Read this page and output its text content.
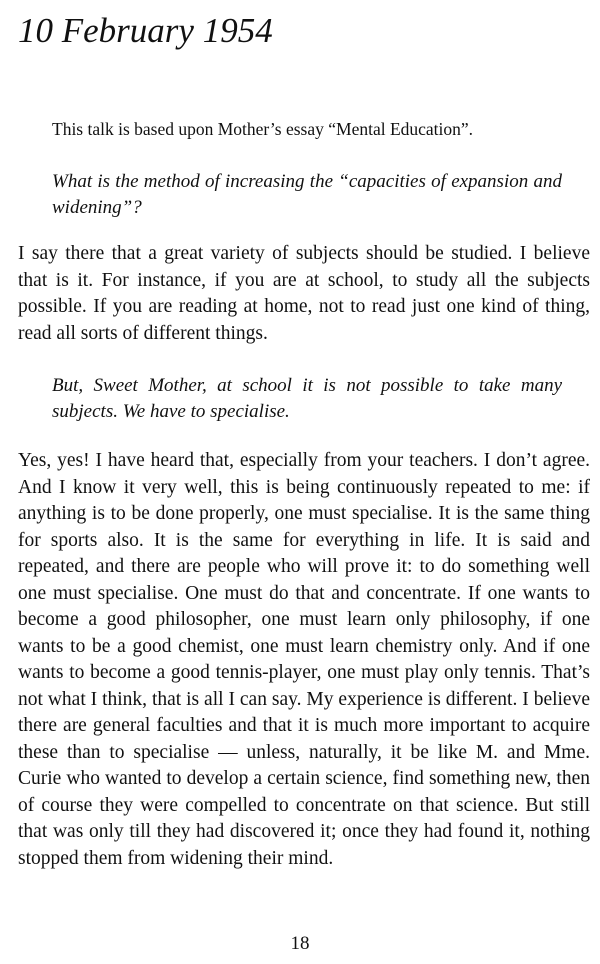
10 February 1954

This talk is based upon Mother’s essay “Mental Education”.

What is the method of increasing the “capacities of expansion and widening”?

I say there that a great variety of subjects should be studied. I believe that is it. For instance, if you are at school, to study all the subjects possible. If you are reading at home, not to read just one kind of thing, read all sorts of different things.

But, Sweet Mother, at school it is not possible to take many subjects. We have to specialise.

Yes, yes! I have heard that, especially from your teachers. I don’t agree. And I know it very well, this is being continuously repeated to me: if anything is to be done properly, one must specialise. It is the same thing for sports also. It is the same for everything in life. It is said and repeated, and there are people who will prove it: to do something well one must specialise. One must do that and concentrate. If one wants to become a good philosopher, one must learn only philosophy, if one wants to be a good chemist, one must learn chemistry only. And if one wants to become a good tennis-player, one must play only tennis. That’s not what I think, that is all I can say. My experience is different. I believe there are general faculties and that it is much more important to acquire these than to specialise — unless, naturally, it be like M. and Mme. Curie who wanted to develop a certain science, find something new, then of course they were compelled to concentrate on that science. But still that was only till they had discovered it; once they had found it, nothing stopped them from widening their mind.

18
